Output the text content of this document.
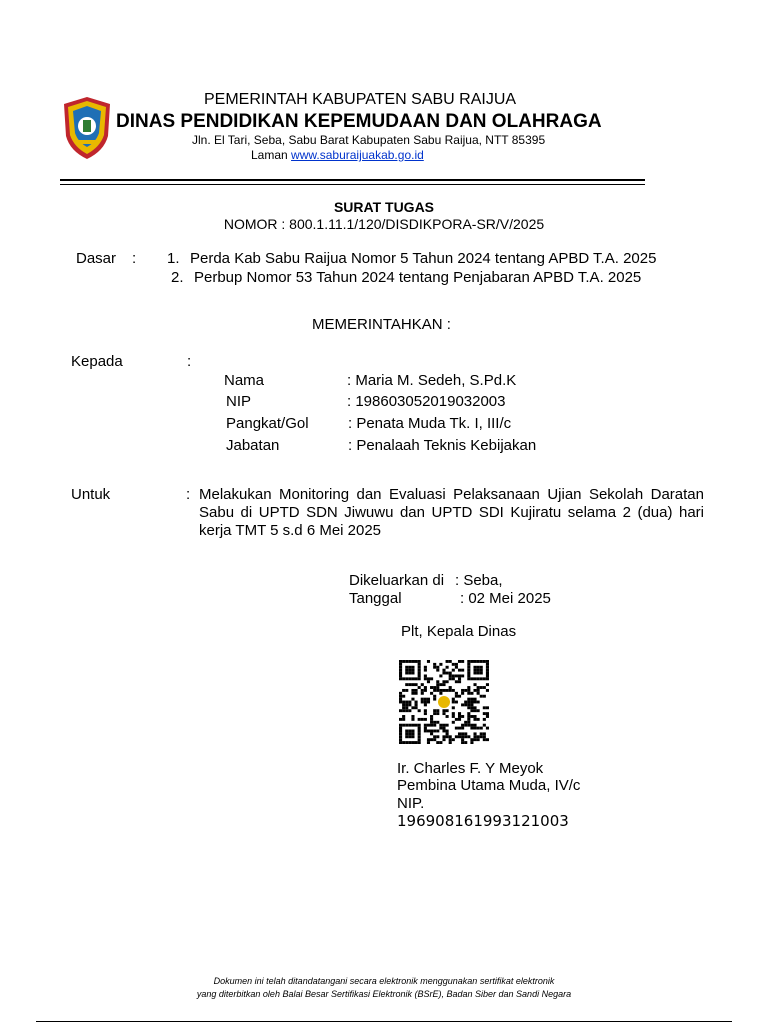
PEMERINTAH KABUPATEN SABU RAIJUA
DINAS PENDIDIKAN KEPEMUDAAN DAN OLAHRAGA
Jln. El Tari, Seba, Sabu Barat Kabupaten Sabu Raijua, NTT 85395
Laman www.saburaijuakab.go.id
SURAT TUGAS
NOMOR : 800.1.11.1/120/DISDIKPORA-SR/V/2025
Dasar : 1. Perda Kab Sabu Raijua Nomor 5 Tahun 2024 tentang APBD T.A. 2025
2. Perbup Nomor 53 Tahun 2024 tentang Penjabaran APBD T.A. 2025
MEMERINTAHKAN :
Kepada	:
Nama	: Maria M. Sedeh, S.Pd.K
NIP	: 198603052019032003
Pangkat/Gol	: Penata Muda Tk. I, III/c
Jabatan	: Penalaah Teknis Kebijakan
Untuk	: Melakukan Monitoring dan Evaluasi Pelaksanaan Ujian Sekolah Daratan Sabu di UPTD SDN Jiwuwu dan UPTD SDI Kujiratu selama 2 (dua) hari kerja TMT 5 s.d 6 Mei 2025
Dikeluarkan di : Seba,
Tanggal	: 02 Mei 2025
Plt, Kepala Dinas
Ir. Charles F. Y Meyok
Pembina Utama Muda, IV/c
NIP.
196908161993121003
Dokumen ini telah ditandatangani secara elektronik menggunakan sertifikat elektronik
yang diterbitkan oleh Balai Besar Sertifikasi Elektronik (BSrE), Badan Siber dan Sandi Negara
